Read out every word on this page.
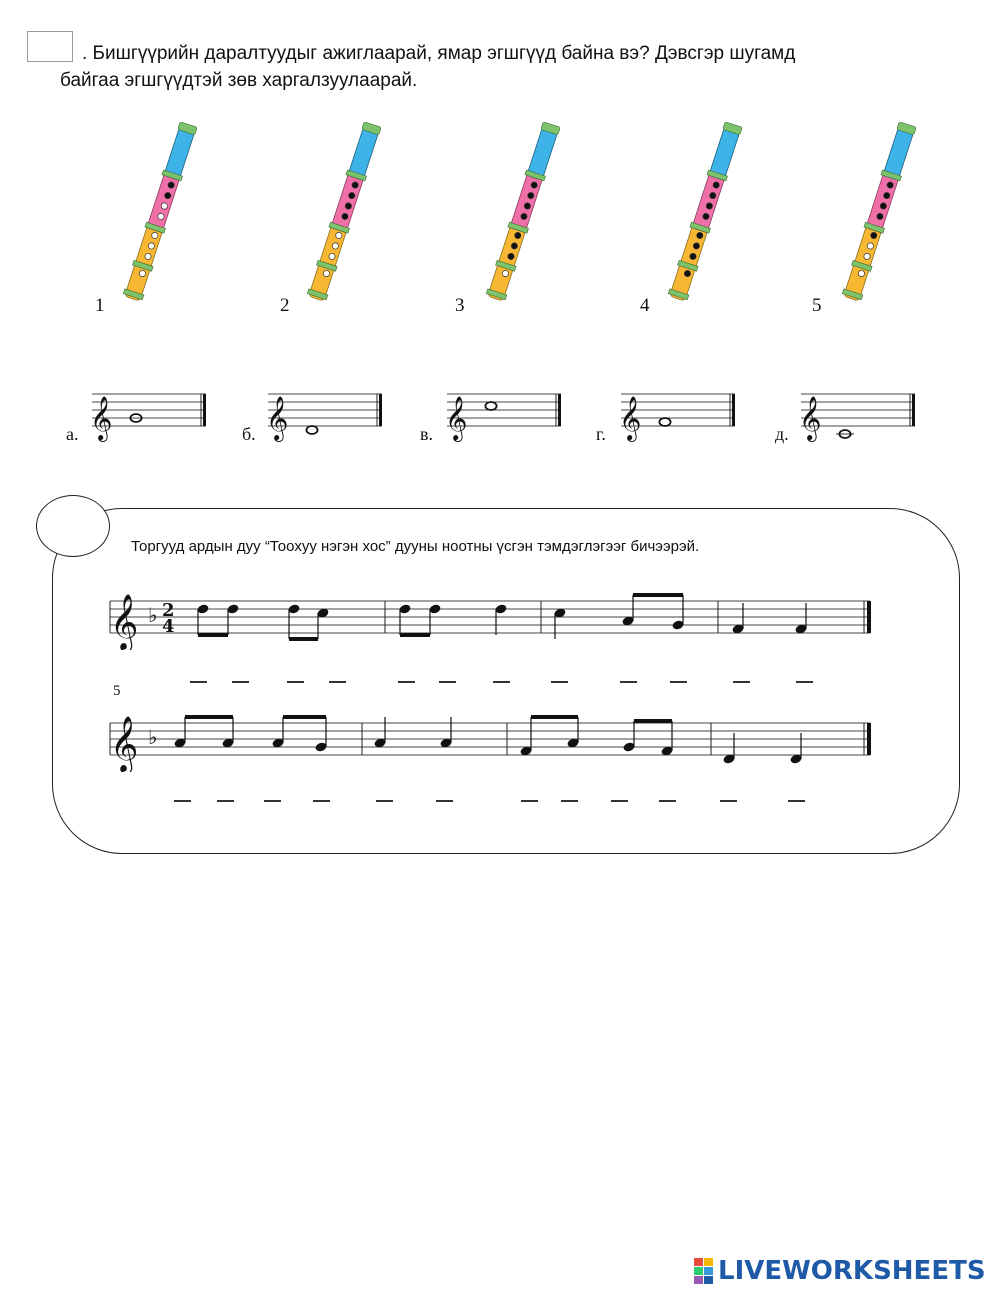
. Бишгүүрийн даралтуудыг ажиглаарай, ямар эгшгүүд байна вэ? Дэвсгэр шугамд
байгаа эгшгүүдтэй зөв харгалзуулаарай.
1	2	3	4	5
𝄞	𝄞	𝄞	𝄞	𝄞
а.	б.	в.	г.	д.
Торгууд ардын дуу “Тоохуу нэгэн хос” дууны ноотны үсгэн тэмдэглэгээг бичээрэй.
𝄞 ♭ 2
4
5
𝄞 ♭
LIVEWORKSHEETS
